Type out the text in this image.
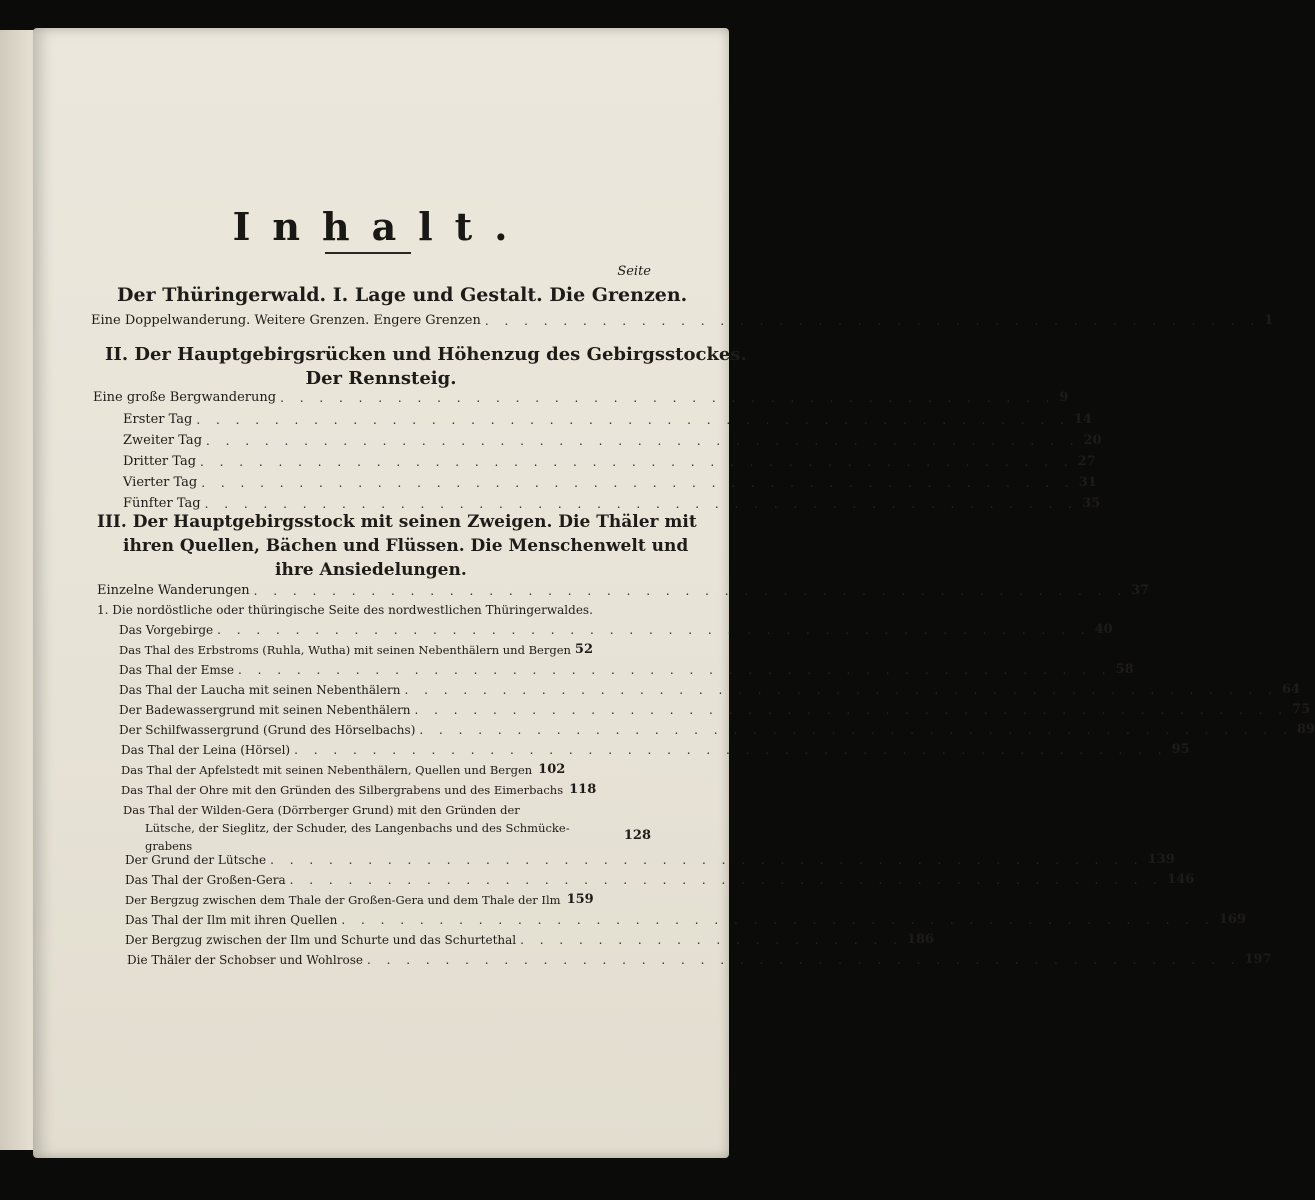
Inhalt.
Seite
Der Thüringerwald. I. Lage und Gestalt. Die Grenzen.
Eine Doppelwanderung. Weitere Grenzen. Engere Grenzen . . . . . . . . . . . . . . . . . . . . . . . . . . . . . . . . . . . . . . . . 1
II. Der Hauptgebirgsrücken und Höhenzug des Gebirgsstockes.
Der Rennsteig.
Eine große Bergwanderung . . . . . . . . . . . . . . . . . . . . . . . . . . . . . . . . . . . . . . . . 9
Erster Tag . . . . . . . . . . . . . . . . . . . . . . . . . . . . . . . . . . . . . . . . . . . . . 14
Zweiter Tag . . . . . . . . . . . . . . . . . . . . . . . . . . . . . . . . . . . . . . . . . . . . . 20
Dritter Tag . . . . . . . . . . . . . . . . . . . . . . . . . . . . . . . . . . . . . . . . . . . . . 27
Vierter Tag . . . . . . . . . . . . . . . . . . . . . . . . . . . . . . . . . . . . . . . . . . . . . 31
Fünfter Tag . . . . . . . . . . . . . . . . . . . . . . . . . . . . . . . . . . . . . . . . . . . . . 35
III. Der Hauptgebirgsstock mit seinen Zweigen. Die Thäler mit
ihren Quellen, Bächen und Flüssen. Die Menschenwelt und
ihre Ansiedelungen.
Einzelne Wanderungen . . . . . . . . . . . . . . . . . . . . . . . . . . . . . . . . . . . . . . . . . . . . . 37
1. Die nordöstliche oder thüringische Seite des nordwestlichen Thüringerwaldes.
Das Vorgebirge . . . . . . . . . . . . . . . . . . . . . . . . . . . . . . . . . . . . . . . . . . . . . 40
Das Thal des Erbstroms (Ruhla, Wutha) mit seinen Nebenthälern und Bergen 52
Das Thal der Emse . . . . . . . . . . . . . . . . . . . . . . . . . . . . . . . . . . . . . . . . . . . . . 58
Das Thal der Laucha mit seinen Nebenthälern . . . . . . . . . . . . . . . . . . . . . . . . . . . . . . . . . . . . . . . . . . . . . 64
Der Badewassergrund mit seinen Nebenthälern . . . . . . . . . . . . . . . . . . . . . . . . . . . . . . . . . . . . . . . . . . . . . 75
Der Schilfwassergrund (Grund des Hörselbachs) . . . . . . . . . . . . . . . . . . . . . . . . . . . . . . . . . . . . . . . . . . . . . 89
Das Thal der Leina (Hörsel) . . . . . . . . . . . . . . . . . . . . . . . . . . . . . . . . . . . . . . . . . . . . . 95
Das Thal der Apfelstedt mit seinen Nebenthälern, Quellen und Bergen 102
Das Thal der Ohre mit den Gründen des Silbergrabens und des Eimerbachs 118
Das Thal der Wilden-Gera (Dörrberger Grund) mit den Gründen der
Lütsche, der Sieglitz, der Schuder, des Langenbachs und des Schmücke-
grabens
128
Der Grund der Lütsche . . . . . . . . . . . . . . . . . . . . . . . . . . . . . . . . . . . . . . . . . . . . . 139
Das Thal der Großen-Gera . . . . . . . . . . . . . . . . . . . . . . . . . . . . . . . . . . . . . . . . . . . . . 146
Der Bergzug zwischen dem Thale der Großen-Gera und dem Thale der Ilm 159
Das Thal der Ilm mit ihren Quellen . . . . . . . . . . . . . . . . . . . . . . . . . . . . . . . . . . . . . . . . . . . . . 169
Der Bergzug zwischen der Ilm und Schurte und das Schurtethal . . . . . . . . . . . . . . . . . . . . 186
Die Thäler der Schobser und Wohlrose . . . . . . . . . . . . . . . . . . . . . . . . . . . . . . . . . . . . . . . . . . . . . 197
